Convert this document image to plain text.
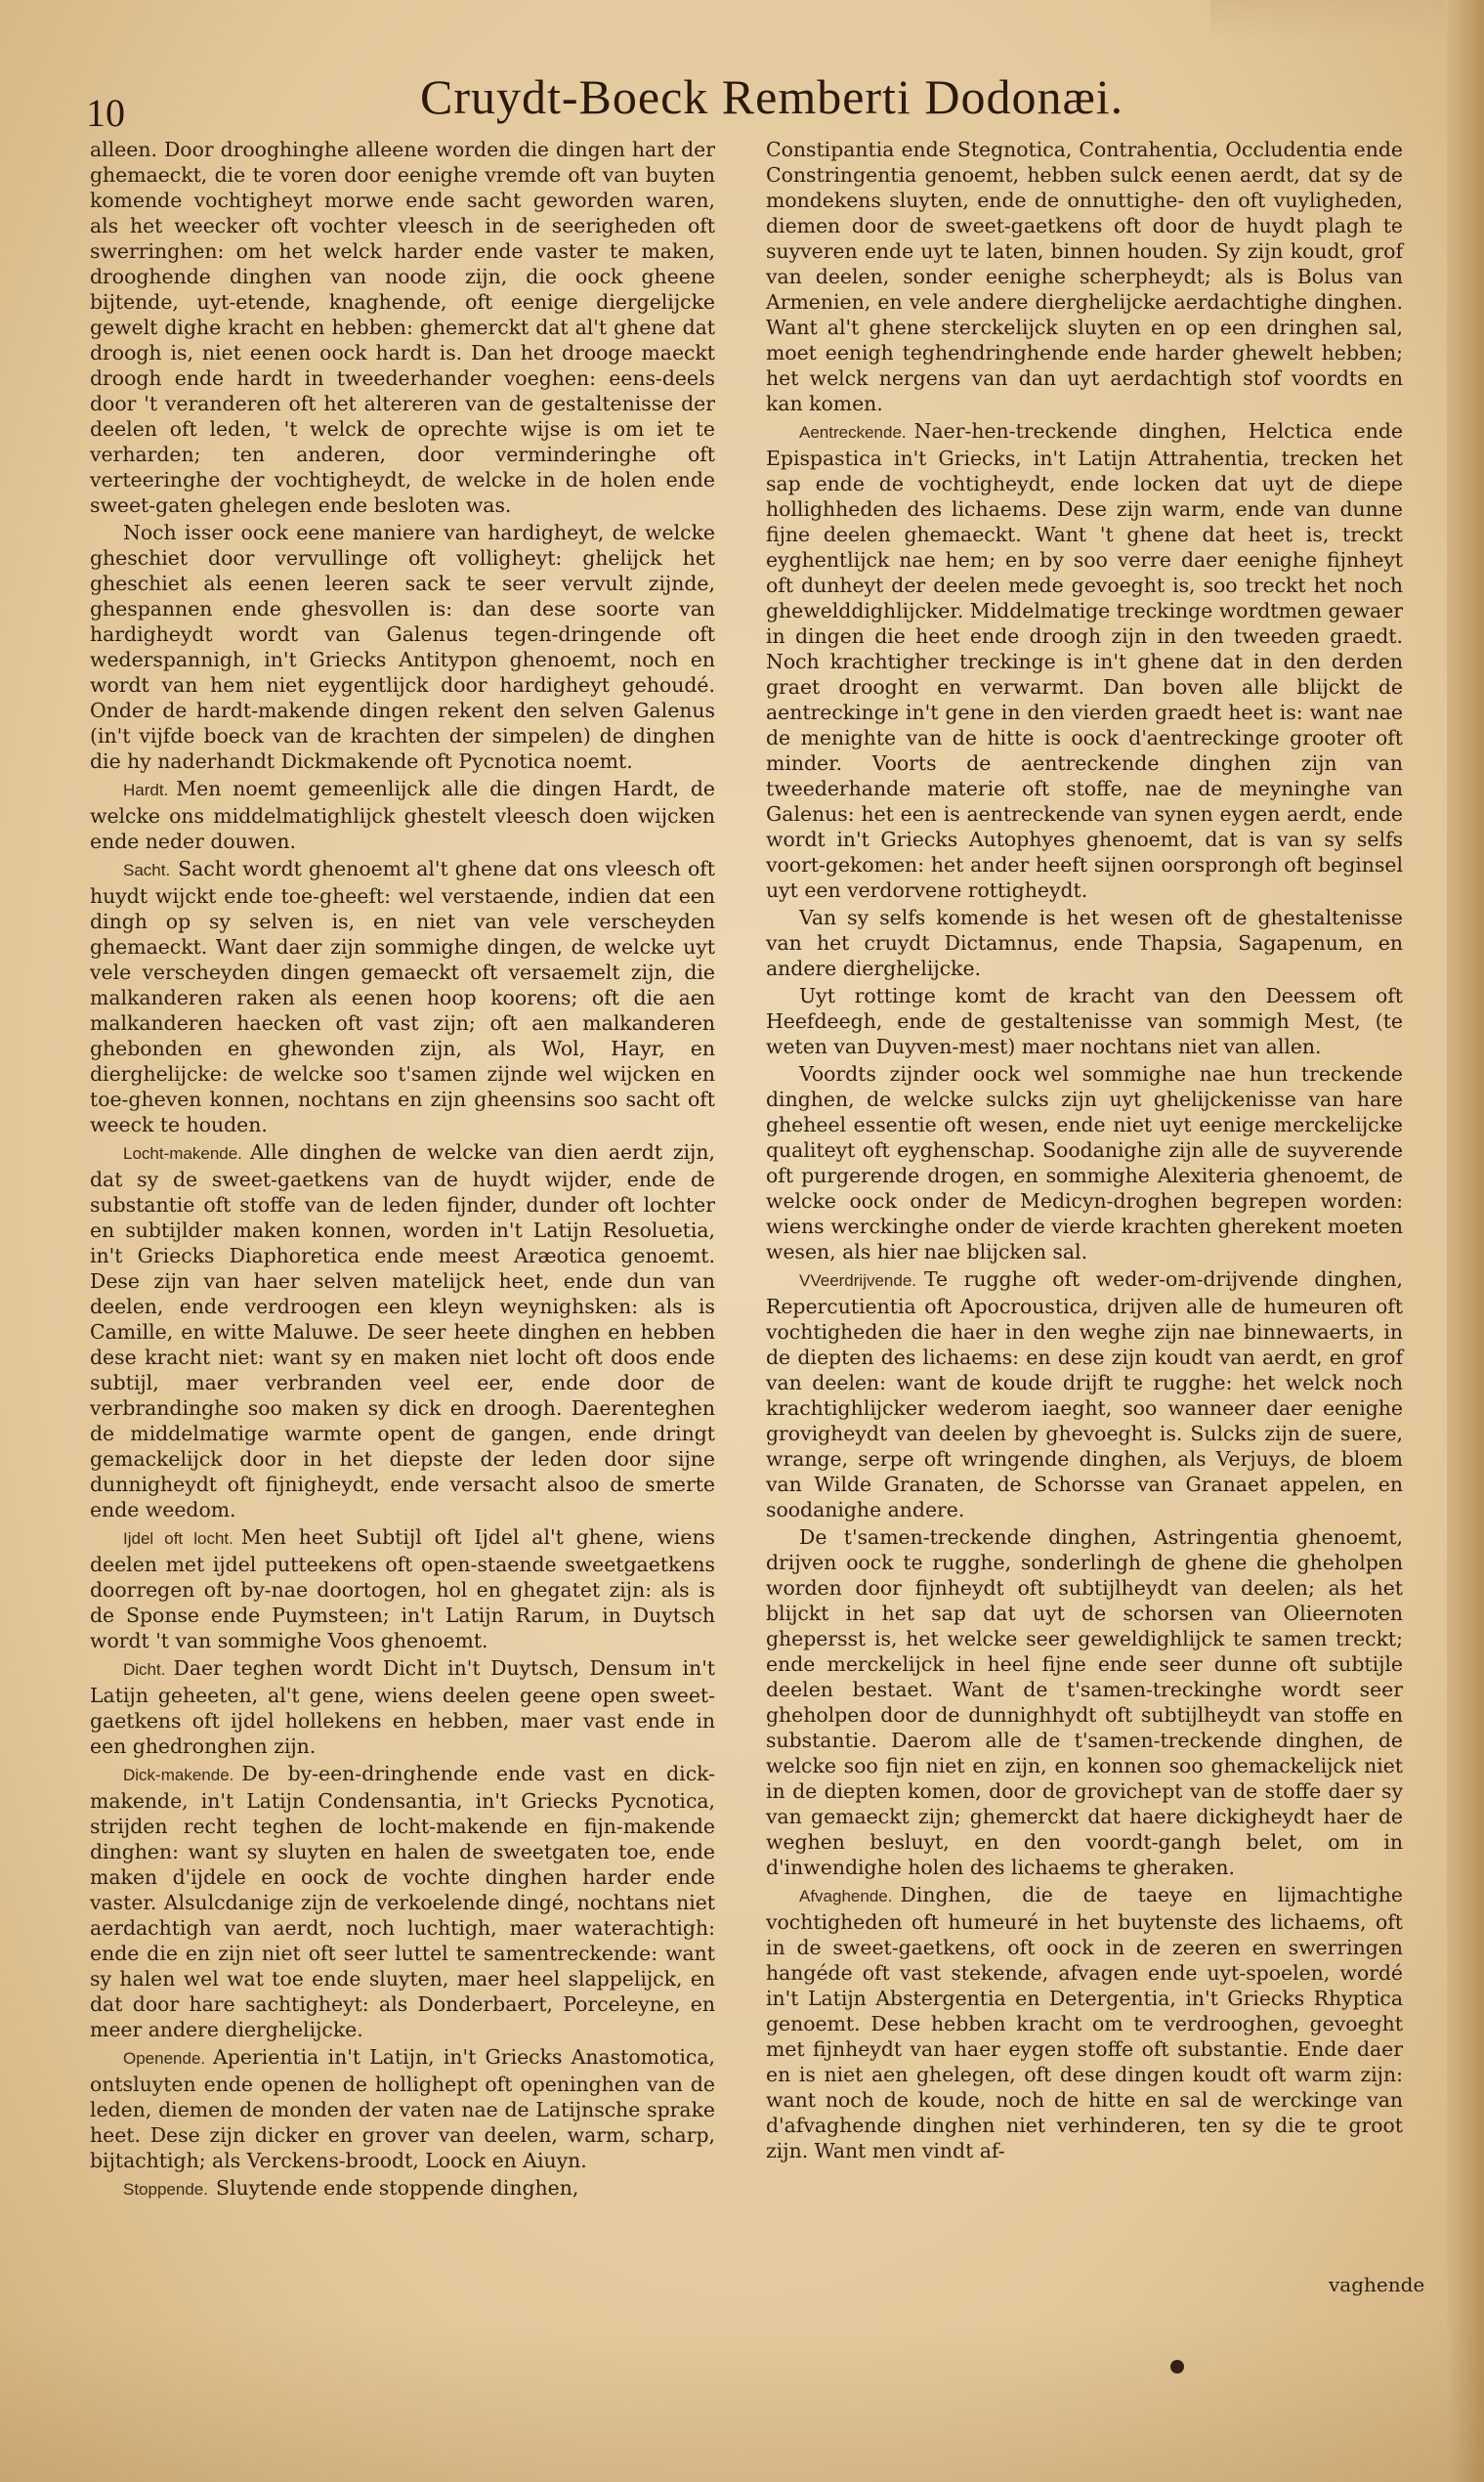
10	Cruydt-Boeck Remberti Dodonæi.

alleen. Door drooghinghe alleene worden die dingen hart der ghemaeckt, die te voren door eenighe vremde oft van buyten komende vochtigheyt morwe ende sacht geworden waren, als het weecker oft vochter vleesch in de seerigheden oft swerringhen: om het welck harder ende vaster te maken, drooghende dinghen van noode zijn, die oock gheene bijtende, uyt-etende, knaghende, oft eenige diergelijcke gewelt dighe kracht en hebben: ghemerckt dat al't ghene dat droogh is, niet eenen oock hardt is. Dan het drooge maeckt droogh ende hardt in tweederhander voeghen: eens-deels door 't veranderen oft het altereren van de gestaltenisse der deelen oft leden, 't welck de oprechte wijse is om iet te verharden; ten anderen, door verminderinghe oft verteeringhe der vochtigheydt, de welcke in de holen ende sweet-gaten ghelegen ende besloten was.

Noch isser oock eene maniere van hardigheyt, de welcke gheschiet door vervullinge oft volligheyt: ghelijck het gheschiet als eenen leeren sack te seer vervult zijnde, ghespannen ende ghesvollen is: dan dese soorte van hardigheydt wordt van Galenus tegen-dringende oft wederspannigh, in't Griecks Antitypon ghenoemt, noch en wordt van hem niet eygentlijck door hardigheyt gehoudé. Onder de hardt-makende dingen rekent den selven Galenus (in't vijfde boeck van de krachten der simpelen) de dinghen die hy naderhandt Dickmakende oft Pycnotica noemt.

Hardt. Men noemt gemeenlijck alle die dingen Hardt, de welcke ons middelmatighlijck ghestelt vleesch doen wijcken ende neder douwen.

Sacht. Sacht wordt ghenoemt al't ghene dat ons vleesch oft huydt wijckt ende toe-gheeft: wel verstaende, indien dat een dingh op sy selven is, en niet van vele verscheyden ghemaeckt. Want daer zijn sommighe dingen, de welcke uyt vele verscheyden dingen gemaeckt oft versaemelt zijn, die malkanderen raken als eenen hoop koorens; oft die aen malkanderen haecken oft vast zijn; oft aen malkanderen ghebonden en ghewonden zijn, als Wol, Hayr, en dierghelijcke: de welcke soo t'samen zijnde wel wijcken en toe-gheven konnen, nochtans en zijn gheensins soo sacht oft weeck te houden.

Locht-makende. Alle dinghen de welcke van dien aerdt zijn, dat sy de sweet-gaetkens van de huydt wijder, ende de substantie oft stoffe van de leden fijnder, dunder oft lochter en subtijlder maken konnen, worden in't Latijn Resoluetia, in't Griecks Diaphoretica ende meest Aræotica genoemt. Dese zijn van haer selven matelijck heet, ende dun van deelen, ende verdroogen een kleyn weynighsken: als is Camille, en witte Maluwe. De seer heete dinghen en hebben dese kracht niet: want sy en maken niet locht oft doos ende subtijl, maer verbranden veel eer, ende door de verbrandinghe soo maken sy dick en droogh. Daerenteghen de middelmatige warmte opent de gangen, ende dringt gemackelijck door in het diepste der leden door sijne dunnigheydt oft fijnigheydt, ende versacht alsoo de smerte ende weedom.

Ijdel oft locht. Men heet Subtijl oft Ijdel al't ghene, wiens deelen met ijdel putteekens oft open-staende sweetgaetkens doorregen oft by-nae doortogen, hol en ghegatet zijn: als is de Sponse ende Puymsteen; in't Latijn Rarum, in Duytsch wordt 't van sommighe Voos ghenoemt.

Dicht. Daer teghen wordt Dicht in't Duytsch, Densum in't Latijn geheeten, al't gene, wiens deelen geene open sweet-gaetkens oft ijdel hollekens en hebben, maer vast ende in een ghedronghen zijn.

Dick-makende. De by-een-dringhende ende vast en dick-makende, in't Latijn Condensantia, in't Griecks Pycnotica, strijden recht teghen de locht-makende en fijn-makende dinghen: want sy sluyten en halen de sweetgaten toe, ende maken d'ijdele en oock de vochte dinghen harder ende vaster. Alsulcdanige zijn de verkoelende dingé, nochtans niet aerdachtigh van aerdt, noch luchtigh, maer waterachtigh: ende die en zijn niet oft seer luttel te samentreckende: want sy halen wel wat toe ende sluyten, maer heel slappelijck, en dat door hare sachtigheyt: als Donderbaert, Porceleyne, en meer andere dierghelijcke.

Openende. Aperientia in't Latijn, in't Griecks Anastomotica, ontsluyten ende openen de hollighept oft openinghen van de leden, diemen de monden der vaten nae de Latijnsche sprake heet. Dese zijn dicker en grover van deelen, warm, scharp, bijtachtigh; als Verckens-broodt, Loock en Aiuyn.

Stoppende. Sluytende ende stoppende dinghen,

Constipantia ende Stegnotica, Contrahentia, Occludentia ende Constringentia genoemt, hebben sulck eenen aerdt, dat sy de mondekens sluyten, ende de onnuttighe- den oft vuyligheden, diemen door de sweet-gaetkens oft door de huydt plagh te suyveren ende uyt te laten, binnen houden. Sy zijn koudt, grof van deelen, sonder eenighe scherpheydt; als is Bolus van Armenien, en vele andere dierghelijcke aerdachtighe dinghen. Want al't ghene sterckelijck sluyten en op een dringhen sal, moet eenigh teghendringhende ende harder ghewelt hebben; het welck nergens van dan uyt aerdachtigh stof voordts en kan komen.

Aentreckende. Naer-hen-treckende dinghen, Helctica ende Epispastica in't Griecks, in't Latijn Attrahentia, trecken het sap ende de vochtigheydt, ende locken dat uyt de diepe hollighheden des lichaems. Dese zijn warm, ende van dunne fijne deelen ghemaeckt. Want 't ghene dat heet is, treckt eyghentlijck nae hem; en by soo verre daer eenighe fijnheyt oft dunheyt der deelen mede gevoeght is, soo treckt het noch ghewelddighlijcker. Middelmatige treckinge wordtmen gewaer in dingen die heet ende droogh zijn in den tweeden graedt. Noch krachtigher treckinge is in't ghene dat in den derden graet drooght en verwarmt. Dan boven alle blijckt de aentreckinge in't gene in den vierden graedt heet is: want nae de menighte van de hitte is oock d'aentreckinge grooter oft minder. Voorts de aentreckende dinghen zijn van tweederhande materie oft stoffe, nae de meyninghe van Galenus: het een is aentreckende van synen eygen aerdt, ende wordt in't Griecks Autophyes ghenoemt, dat is van sy selfs voort-gekomen: het ander heeft sijnen oorsprongh oft beginsel uyt een verdorvene rottigheydt.

Van sy selfs komende is het wesen oft de ghestaltenisse van het cruydt Dictamnus, ende Thapsia, Sagapenum, en andere dierghelijcke.

Uyt rottinge komt de kracht van den Deessem oft Heefdeegh, ende de gestaltenisse van sommigh Mest, (te weten van Duyven-mest) maer nochtans niet van allen.

Voordts zijnder oock wel sommighe nae hun treckende dinghen, de welcke sulcks zijn uyt ghelijckenisse van hare gheheel essentie oft wesen, ende niet uyt eenige merckelijcke qualiteyt oft eyghenschap. Soodanighe zijn alle de suyverende oft purgerende drogen, en sommighe Alexiteria ghenoemt, de welcke oock onder de Medicyn-droghen begrepen worden: wiens werckinghe onder de vierde krachten gherekent moeten wesen, als hier nae blijcken sal.

VVeerdrijvende. Te rugghe oft weder-om-drijvende dinghen, Repercutientia oft Apocroustica, drijven alle de humeuren oft vochtigheden die haer in den weghe zijn nae binnewaerts, in de diepten des lichaems: en dese zijn koudt van aerdt, en grof van deelen: want de koude drijft te rugghe: het welck noch krachtighlijcker wederom iaeght, soo wanneer daer eenighe grovigheydt van deelen by ghevoeght is. Sulcks zijn de suere, wrange, serpe oft wringende dinghen, als Verjuys, de bloem van Wilde Granaten, de Schorsse van Granaet appelen, en soodanighe andere.

De t'samen-treckende dinghen, Astringentia ghenoemt, drijven oock te rugghe, sonderlingh de ghene die gheholpen worden door fijnheydt oft subtijlheydt van deelen; als het blijckt in het sap dat uyt de schorsen van Olieernoten ghepersst is, het welcke seer geweldighlijck te samen treckt; ende merckelijck in heel fijne ende seer dunne oft subtijle deelen bestaet. Want de t'samen-treckinghe wordt seer gheholpen door de dunnighhydt oft subtijlheydt van stoffe en substantie. Daerom alle de t'samen-treckende dinghen, de welcke soo fijn niet en zijn, en konnen soo ghemackelijck niet in de diepten komen, door de grovichept van de stoffe daer sy van gemaeckt zijn; ghemerckt dat haere dickigheydt haer de weghen besluyt, en den voordt-gangh belet, om in d'inwendighe holen des lichaems te gheraken.

Afvaghende. Dinghen, die de taeye en lijmachtighe vochtigheden oft humeuré in het buytenste des lichaems, oft in de sweet-gaetkens, oft oock in de zeeren en swerringen hangéde oft vast stekende, afvagen ende uyt-spoelen, wordé in't Latijn Abstergentia en Detergentia, in't Griecks Rhyptica genoemt. Dese hebben kracht om te verdrooghen, gevoeght met fijnheydt van haer eygen stoffe oft substantie. Ende daer en is niet aen ghelegen, oft dese dingen koudt oft warm zijn: want noch de koude, noch de hitte en sal de werckinge van d'afvaghende dinghen niet verhinderen, ten sy die te groot zijn. Want men vindt af-

vaghende
